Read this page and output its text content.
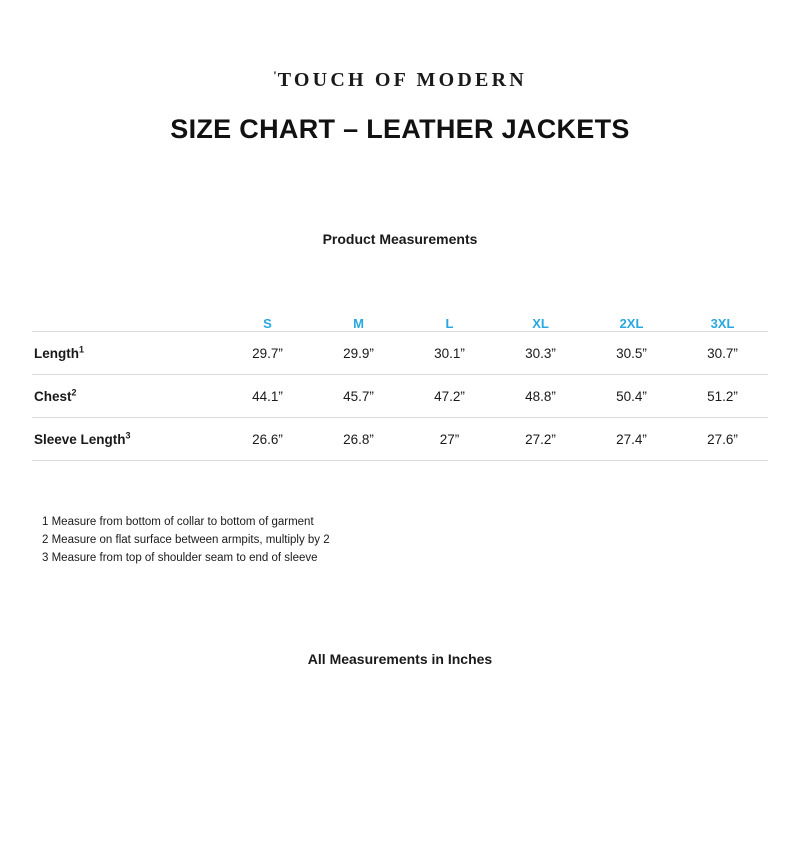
'TOUCH OF MODERN
SIZE CHART – LEATHER JACKETS
Product Measurements
	S	M	L	XL	2XL	3XL
Length$^1$	29.7”	29.9”	30.1”	30.3”	30.5”	30.7”
Chest$^2$	44.1”	45.7”	47.2”	48.8”	50.4”	51.2”
Sleeve Length$^3$	26.6”	26.8”	27”	27.2”	27.4”	27.6”
1 Measure from bottom of collar to bottom of garment
2 Measure on flat surface between armpits, multiply by 2
3 Measure from top of shoulder seam to end of sleeve
All Measurements in Inches
